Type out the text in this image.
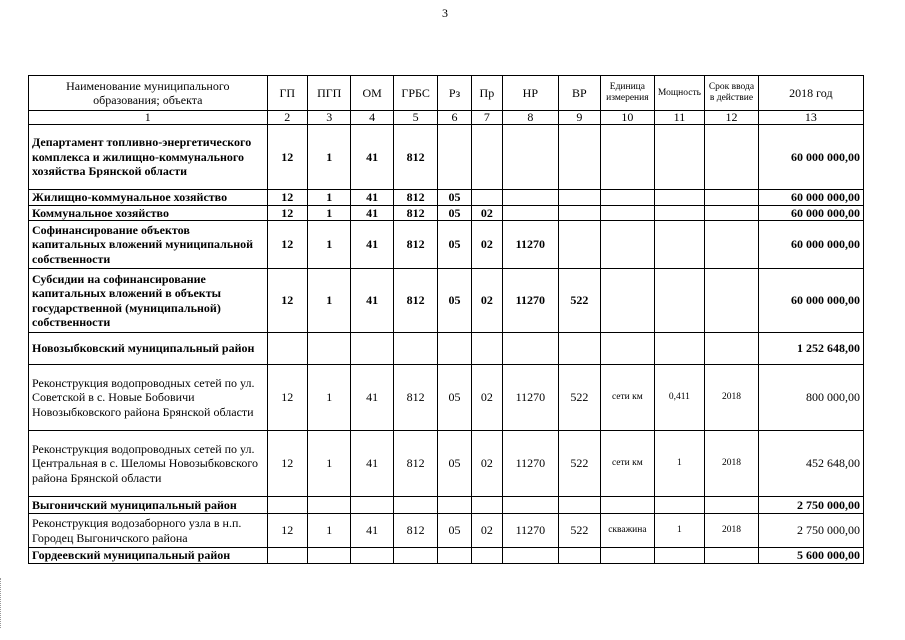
3
Наименование муниципального образования; объекта	ГП	ПГП	ОМ	ГРБС	Рз	Пр	НР	ВР	Единица измерения	Мощность	Срок ввода в действие	2018 год
1	2	3	4	5	6	7	8	9	10	11	12	13
Департамент топливно-энергетического комплекса и жилищно-коммунального хозяйства Брянской области	12	1	41	812								60 000 000,00
Жилищно-коммунальное хозяйство	12	1	41	812	05							60 000 000,00
Коммунальное хозяйство	12	1	41	812	05	02						60 000 000,00
Софинансирование объектов капитальных вложений муниципальной собственности	12	1	41	812	05	02	11270					60 000 000,00
Субсидии на софинансирование капитальных вложений в объекты государственной (муниципальной) собственности	12	1	41	812	05	02	11270	522				60 000 000,00
Новозыбковский муниципальный район												1 252 648,00
Реконструкция водопроводных сетей по ул. Советской в с. Новые Бобовичи Новозыбковского района Брянской области	12	1	41	812	05	02	11270	522	сети км	0,411	2018	800 000,00
Реконструкция водопроводных сетей по ул. Центральная в с. Шеломы Новозыбковского района Брянской области	12	1	41	812	05	02	11270	522	сети км	1	2018	452 648,00
Выгоничский муниципальный район												2 750 000,00
Реконструкция водозаборного узла в н.п. Городец Выгоничского района	12	1	41	812	05	02	11270	522	скважина	1	2018	2 750 000,00
Гордеевский муниципальный район												5 600 000,00
